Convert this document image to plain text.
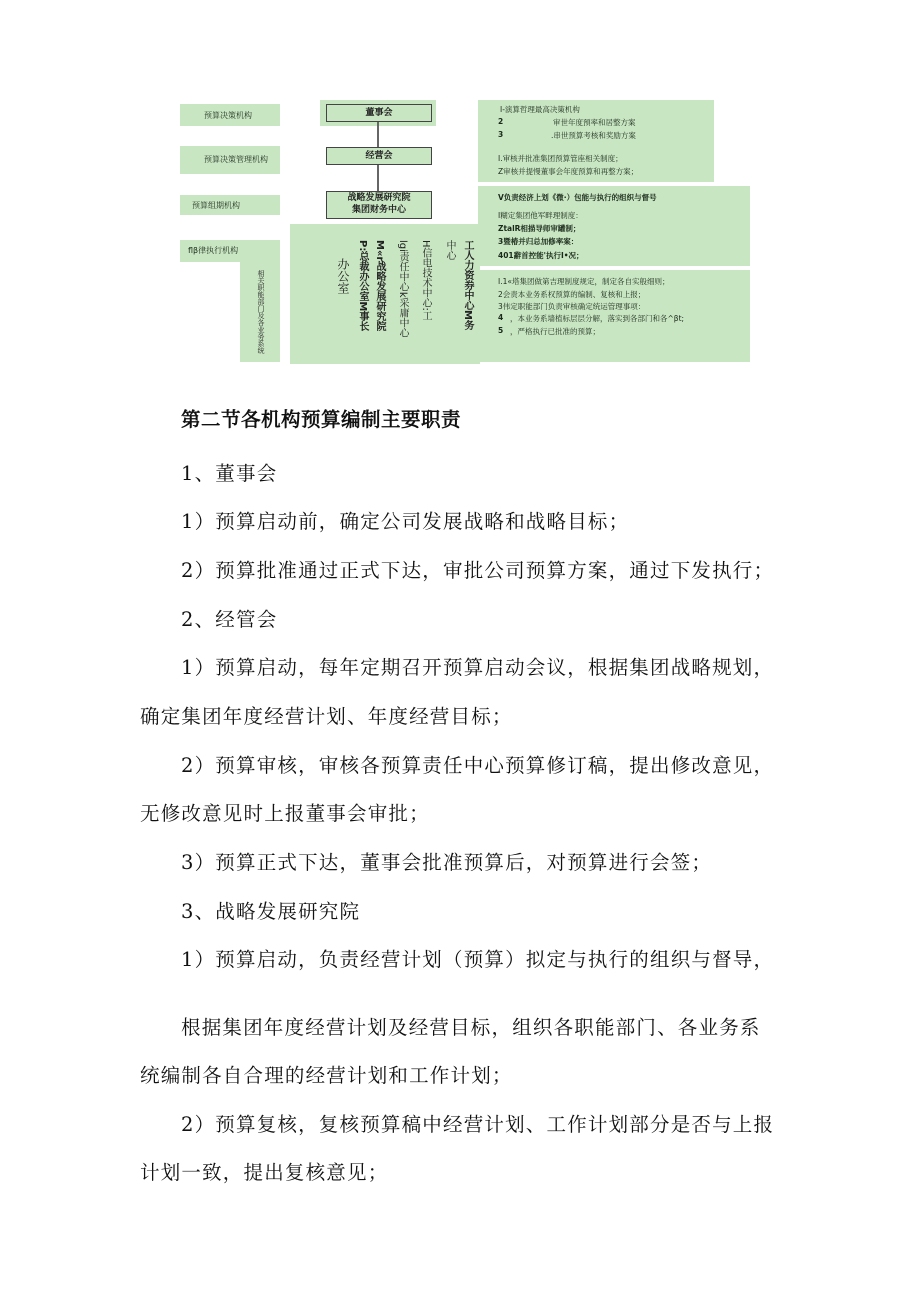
预算决策机构
预算决策管理机构
预算组期机构
flβ律执行机构
相关职能部门及各业务系统
董事会
经营会
战略发展研究院
集团财务中心
办公室 P:总裁办公室M事长 M«r战略发展研究院 lgi责任中心k采庸中心 H信电技术中心:工 中心 工人力资券中心M务
I-演算哲理最高决策机构
2	审世年度預率和居整方案
3	.串世预算考核和奖励方案
I.审核并批准集团预算管座相关制度；
Z审核并提慢董事会年度预算和再整方案；
V负责经济上划《微·）包能与执行的组织与督号
I糊定集团他军畔理制度：
ZtalR相描导师审罐制；
3暨椿并归总加修率案：
401辭首控能'执行I•况；
I.1«塔集团做第吉理制度规定，制定各自实般细则；
2会责本业务系权预算的编制、复核和上报；
3伟定职能部门负责审核确定统运管理事项：
4 ，本业务系墙植标层层分解，落实到各部门和各^βt;
5 ，严格执行已批准的预算；
第二节各机构预算编制主要职责
1、董事会
1）预算启动前，确定公司发展战略和战略目标；
2）预算批准通过正式下达，审批公司预算方案，通过下发执行；
2、经管会
1）预算启动，每年定期召开预算启动会议，根据集团战略规划，
确定集团年度经营计划、年度经营目标；
2）预算审核，审核各预算责任中心预算修订稿，提出修改意见，
无修改意见时上报董事会审批；
3）预算正式下达，董事会批准预算后，对预算进行会签；
3、战略发展研究院
1）预算启动，负责经营计划（预算）拟定与执行的组织与督导，
根据集团年度经营计划及经营目标，组织各职能部门、各业务系
统编制各自合理的经营计划和工作计划；
2）预算复核，复核预算稿中经营计划、工作计划部分是否与上报
计划一致，提出复核意见；
